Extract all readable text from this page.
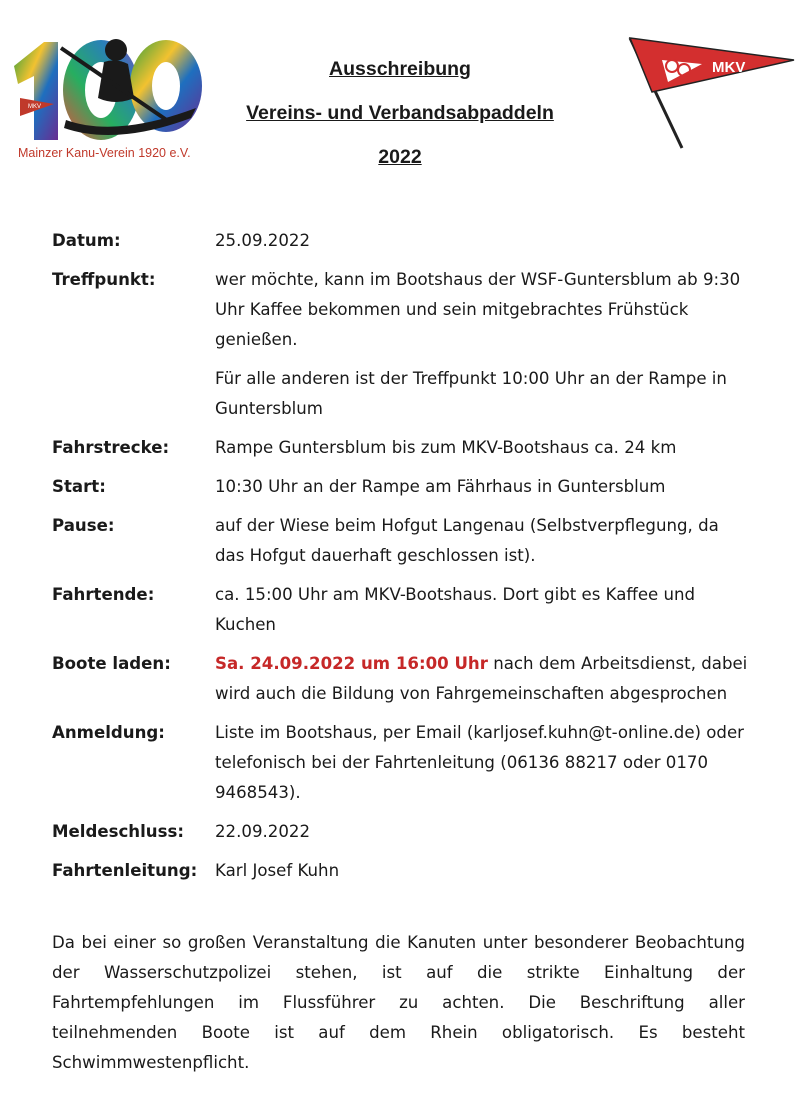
MKV
Mainzer Kanu-Verein 1920 e.V.
MKV
Ausschreibung
Vereins- und Verbandsabpaddeln
2022
Datum:	25.09.2022
Treffpunkt:	wer möchte, kann im Bootshaus der WSF-Guntersblum ab 9:30 Uhr Kaffee bekommen und sein mitgebrachtes Frühstück genießen.

Für alle anderen ist der Treffpunkt 10:00 Uhr an der Rampe in Guntersblum

Fahrstrecke:	Rampe Guntersblum bis zum MKV-Bootshaus ca. 24 km
Start:	10:30 Uhr an der Rampe am Fährhaus in Guntersblum
Pause:	auf der Wiese beim Hofgut Langenau (Selbstverpflegung, da das Hofgut dauerhaft geschlossen ist).
Fahrtende:	ca. 15:00 Uhr am MKV-Bootshaus. Dort gibt es Kaffee und Kuchen
Boote laden:	Sa. 24.09.2022 um 16:00 Uhr nach dem Arbeitsdienst, dabei wird auch die Bildung von Fahrgemeinschaften abgesprochen
Anmeldung:	Liste im Bootshaus, per Email (karljosef.kuhn@t-online.de) oder telefonisch bei der Fahrtenleitung (06136 88217 oder 0170 9468543).
Meldeschluss:	22.09.2022
Fahrtenleitung:	Karl Josef Kuhn
Da bei einer so großen Veranstaltung die Kanuten unter besonderer Beobachtung der Wasserschutzpolizei stehen, ist auf die strikte Einhaltung der Fahrtempfehlungen im Flussführer zu achten. Die Beschriftung aller teilnehmenden Boote ist auf dem Rhein obligatorisch. Es besteht Schwimmwestenpflicht.
